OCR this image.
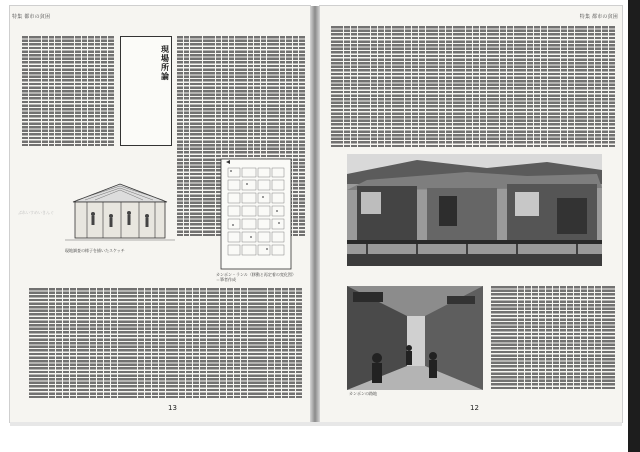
特集 都市の貧困
現場所論
現地調査の様子を描いたスケッチ
カンポン・ランル（移動と再定着の変化図）＝筆者作成
13
特集 都市の貧困
カンポンの路地
12
ぷれいすめいきんぐ
